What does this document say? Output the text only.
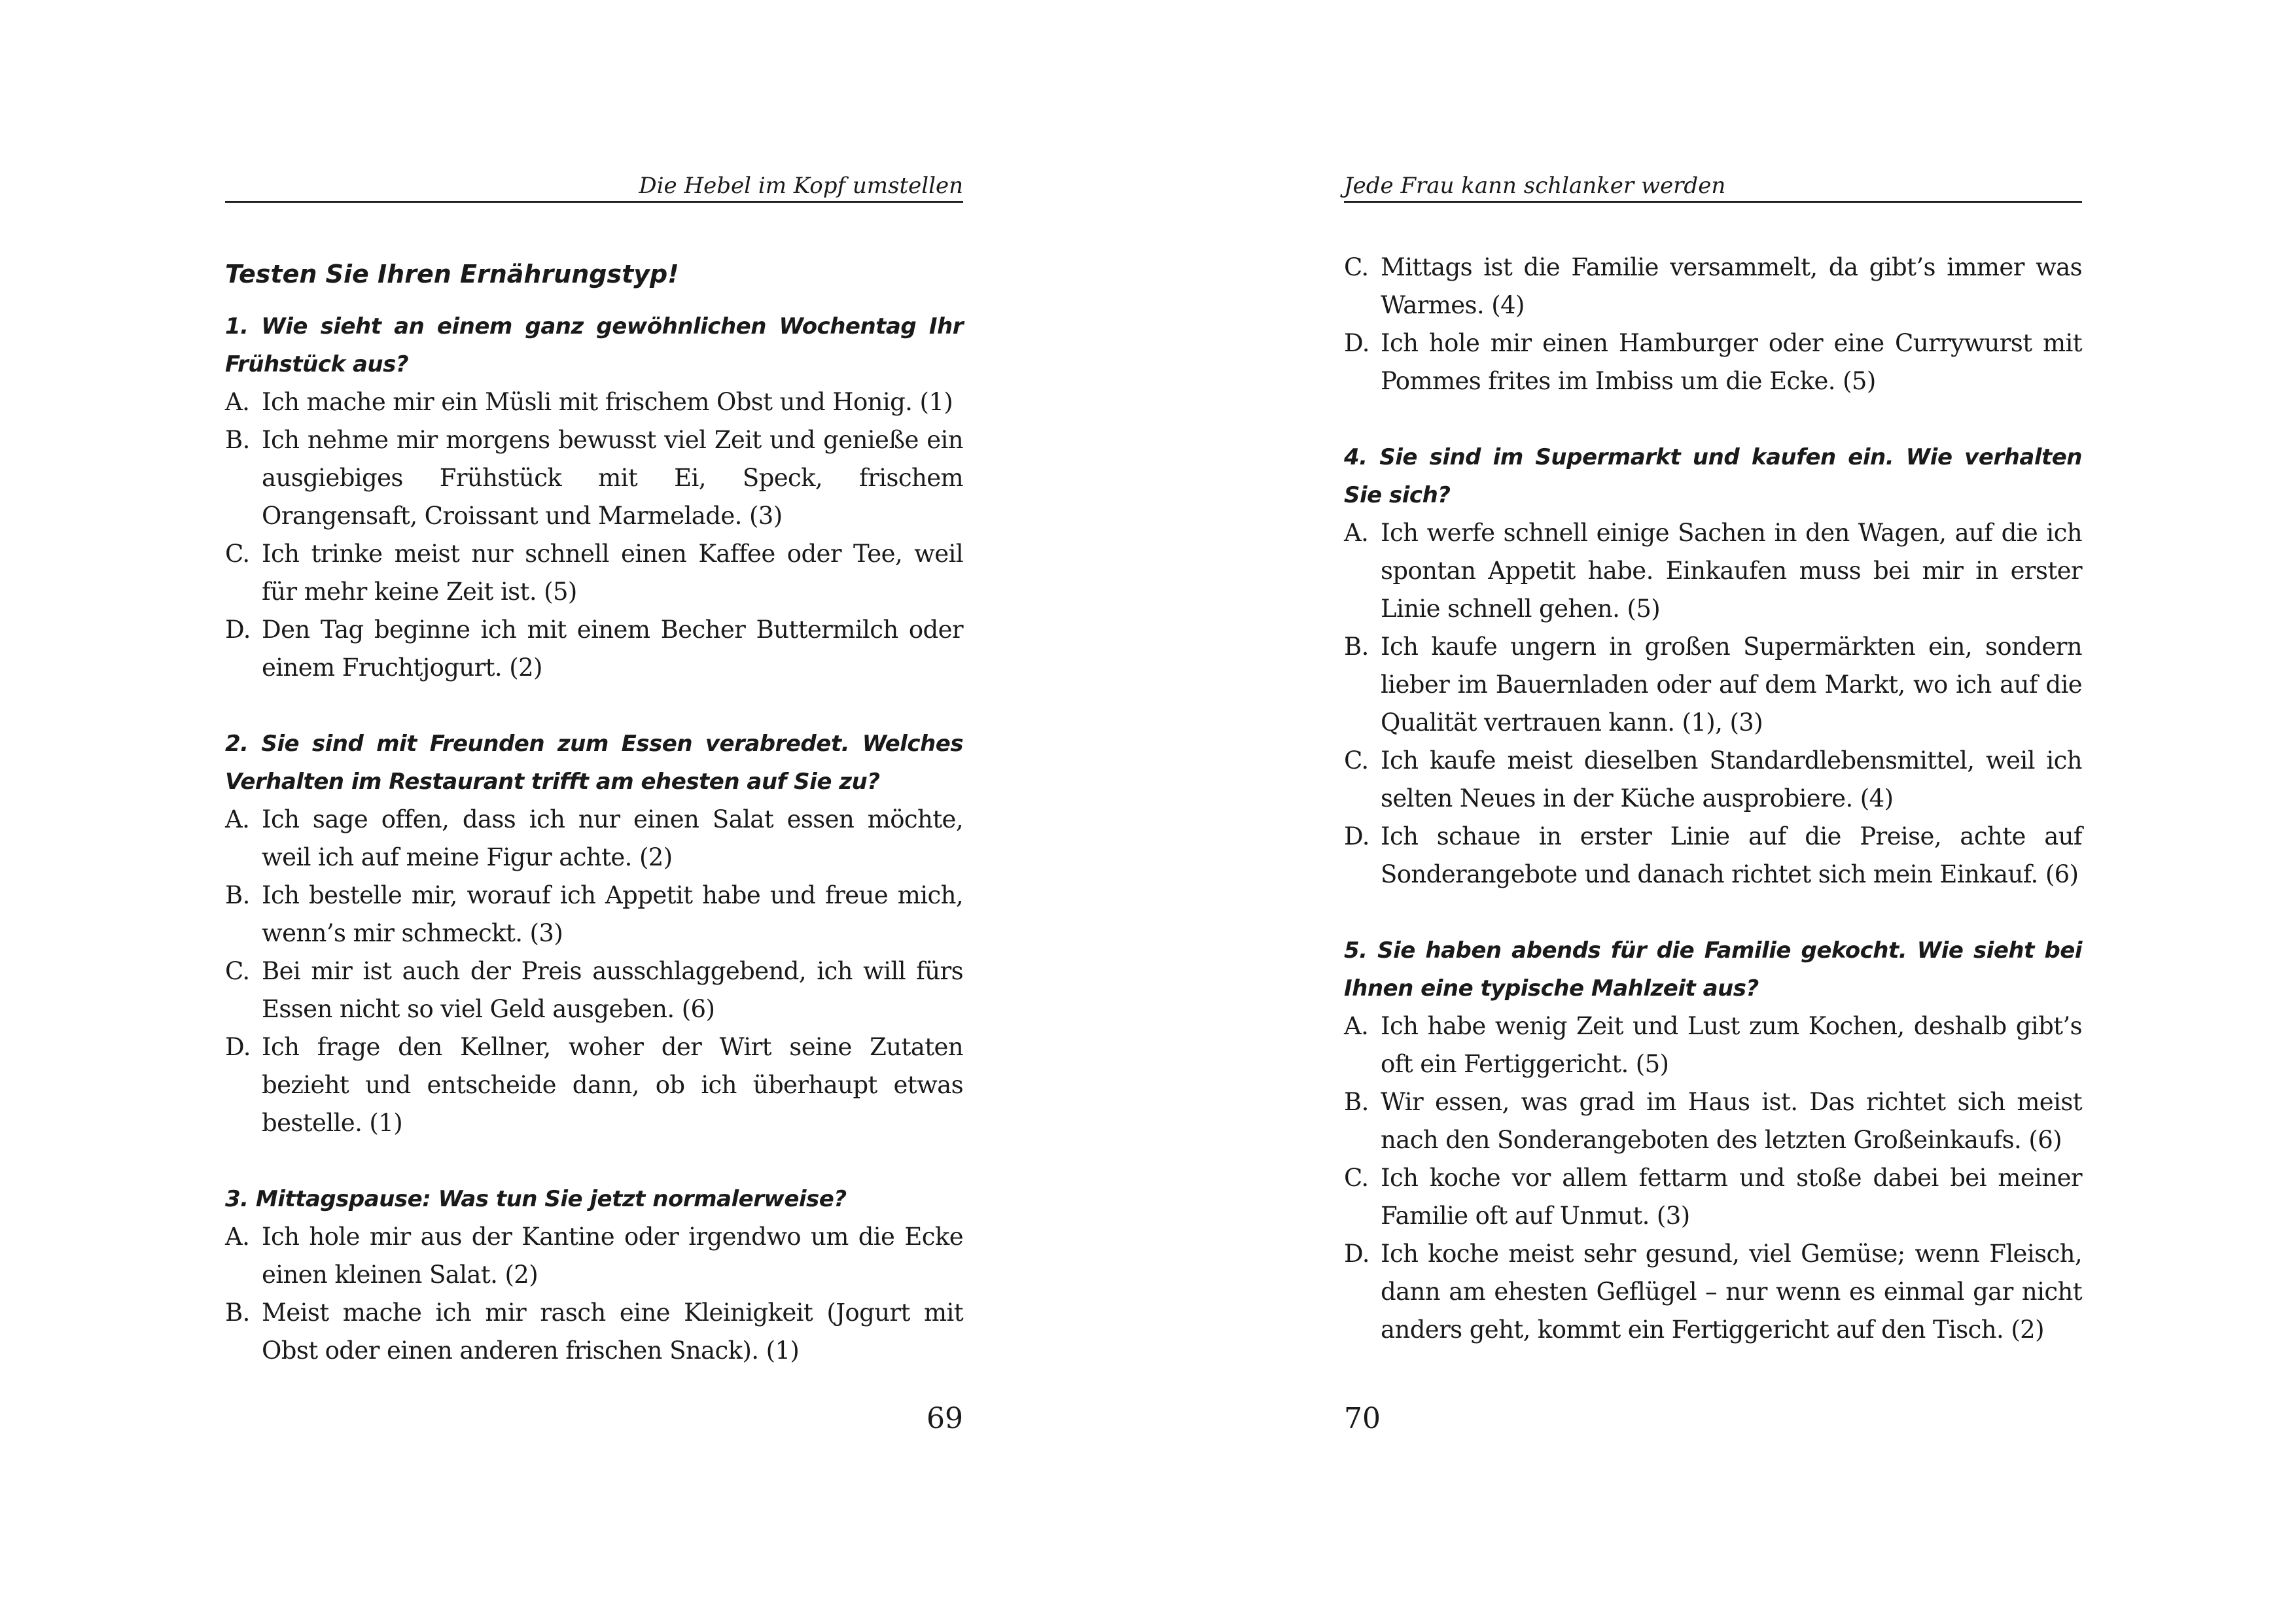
Die Hebel im Kopf umstellen
Testen Sie Ihren Ernährungstyp!
1. Wie sieht an einem ganz gewöhnlichen Wochentag Ihr Frühstück aus?
A. Ich mache mir ein Müsli mit frischem Obst und Honig. (1)
B. Ich nehme mir morgens bewusst viel Zeit und genieße ein ausgiebiges Frühstück mit Ei, Speck, frischem Orangensaft, Croissant und Marmelade. (3)
C. Ich trinke meist nur schnell einen Kaffee oder Tee, weil für mehr keine Zeit ist. (5)
D. Den Tag beginne ich mit einem Becher Buttermilch oder einem Fruchtjogurt. (2)
2. Sie sind mit Freunden zum Essen verabredet. Welches Verhalten im Restaurant trifft am ehesten auf Sie zu?
A. Ich sage offen, dass ich nur einen Salat essen möchte, weil ich auf meine Figur achte. (2)
B. Ich bestelle mir, worauf ich Appetit habe und freue mich, wenn’s mir schmeckt. (3)
C. Bei mir ist auch der Preis ausschlaggebend, ich will fürs Essen nicht so viel Geld ausgeben. (6)
D. Ich frage den Kellner, woher der Wirt seine Zutaten bezieht und entscheide dann, ob ich überhaupt etwas bestelle. (1)
3. Mittagspause: Was tun Sie jetzt normalerweise?
A. Ich hole mir aus der Kantine oder irgendwo um die Ecke einen kleinen Salat. (2)
B. Meist mache ich mir rasch eine Kleinigkeit (Jogurt mit Obst oder einen anderen frischen Snack). (1)
69
Jede Frau kann schlanker werden
C. Mittags ist die Familie versammelt, da gibt’s immer was Warmes. (4)
D. Ich hole mir einen Hamburger oder eine Currywurst mit Pommes frites im Imbiss um die Ecke. (5)
4. Sie sind im Supermarkt und kaufen ein. Wie verhalten Sie sich?
A. Ich werfe schnell einige Sachen in den Wagen, auf die ich spontan Appetit habe. Einkaufen muss bei mir in erster Linie schnell gehen. (5)
B. Ich kaufe ungern in großen Supermärkten ein, sondern lieber im Bauernladen oder auf dem Markt, wo ich auf die Qualität vertrauen kann. (1), (3)
C. Ich kaufe meist dieselben Standardlebensmittel, weil ich selten Neues in der Küche ausprobiere. (4)
D. Ich schaue in erster Linie auf die Preise, achte auf Sonderangebote und danach richtet sich mein Einkauf. (6)
5. Sie haben abends für die Familie gekocht. Wie sieht bei Ihnen eine typische Mahlzeit aus?
A. Ich habe wenig Zeit und Lust zum Kochen, deshalb gibt’s oft ein Fertiggericht. (5)
B. Wir essen, was grad im Haus ist. Das richtet sich meist nach den Sonderangeboten des letzten Großeinkaufs. (6)
C. Ich koche vor allem fettarm und stoße dabei bei meiner Familie oft auf Unmut. (3)
D. Ich koche meist sehr gesund, viel Gemüse; wenn Fleisch, dann am ehesten Geflügel – nur wenn es einmal gar nicht anders geht, kommt ein Fertiggericht auf den Tisch. (2)
70
